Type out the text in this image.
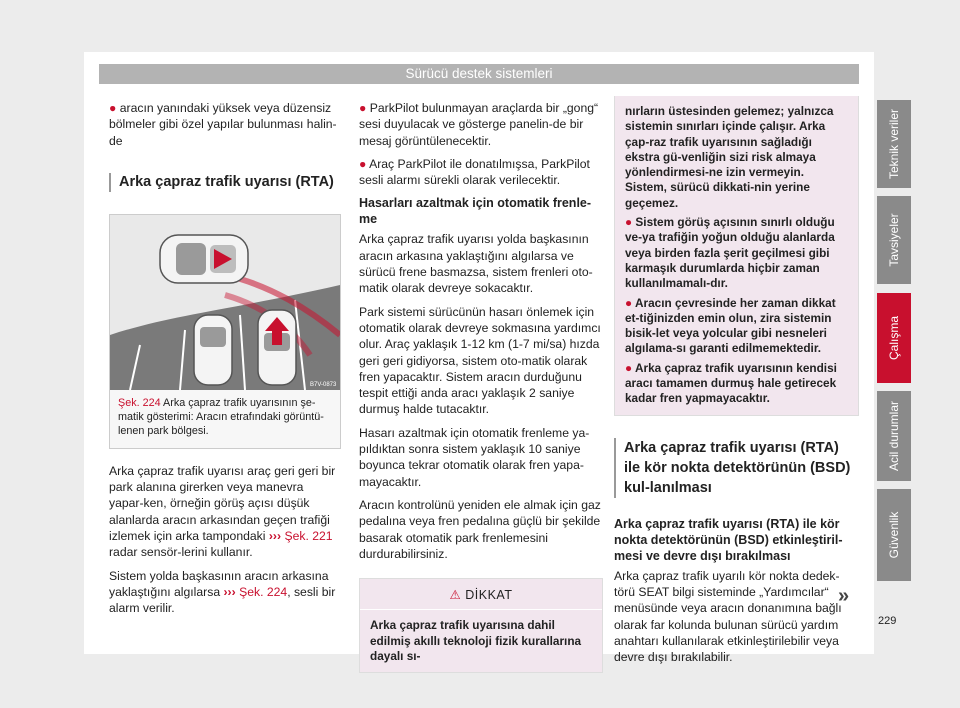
Sürücü destek sistemleri

● aracın yanındaki yüksek veya düzensiz bölmeler gibi özel yapılar bulunması halin-de

Arka çapraz trafik uyarısı (RTA)
B7V-0873
Şek. 224 Arka çapraz trafik uyarısının şe-matik gösterimi: Aracın etrafındaki görüntü-lenen park bölgesi.

Arka çapraz trafik uyarısı araç geri geri bir park alanına girerken veya manevra yapar-ken, örneğin görüş açısı düşük alanlarda aracın arkasından geçen trafiği izlemek için arka tampondaki ››› Şek. 221 radar sensör-lerini kullanır.

Sistem yolda başkasının aracın arkasına yaklaştığını algılarsa ››› Şek. 224, sesli bir alarm verilir.

● ParkPilot bulunmayan araçlarda bir „gong“ sesi duyulacak ve gösterge panelin-de bir mesaj görüntülenecektir.

● Araç ParkPilot ile donatılmışsa, ParkPilot sesli alarmı sürekli olarak verilecektir.

Hasarları azaltmak için otomatik frenle-me

Arka çapraz trafik uyarısı yolda başkasının aracın arkasına yaklaştığını algılarsa ve sürücü frene basmazsa, sistem frenleri oto-matik olarak devreye sokacaktır.

Park sistemi sürücünün hasarı önlemek için otomatik olarak devreye sokmasına yardımcı olur. Araç yaklaşık 1-12 km (1-7 mi/sa) hızda geri geri gidiyorsa, sistem oto-matik olarak fren yapacaktır. Sistem aracın durduğunu tespit ettiği anda aracı yaklaşık 2 saniye durmuş halde tutacaktır.

Hasarı azaltmak için otomatik frenleme ya-pıldıktan sonra sistem yaklaşık 10 saniye boyunca tekrar otomatik olarak fren yapa-mayacaktır.

Aracın kontrolünü yeniden ele almak için gaz pedalına veya fren pedalına güçlü bir şekilde basarak otomatik park frenlemesini durdurabilirsiniz.

⚠ DİKKAT
Arka çapraz trafik uyarısına dahil edilmiş akıllı teknoloji fizik kurallarına dayalı sı-

nırların üstesinden gelemez; yalnızca sistemin sınırları içinde çalışır. Arka çap-raz trafik uyarısının sağladığı ekstra gü-venliğin sizi risk almaya yönlendirmesi-ne izin vermeyin. Sistem, sürücü dikkati-nin yerine geçemez.

● Sistem görüş açısının sınırlı olduğu ve-ya trafiğin yoğun olduğu alanlarda veya birden fazla şerit geçilmesi gibi karmaşık durumlarda hiçbir zaman kullanılmamalı-dır.

● Aracın çevresinde her zaman dikkat et-tiğinizden emin olun, zira sistemin bisik-let veya yolcular gibi nesneleri algılama-sı garanti edilmemektedir.

● Arka çapraz trafik uyarısının kendisi aracı tamamen durmuş hale getirecek kadar fren yapmayacaktır.

Arka çapraz trafik uyarısı (RTA) ile kör nokta detektörünün (BSD) kul-lanılması
Arka çapraz trafik uyarısı (RTA) ile kör nokta detektörünün (BSD) etkinleştiril-mesi ve devre dışı bırakılması

Arka çapraz trafik uyarılı kör nokta dedek-törü SEAT bilgi sisteminde „Yardımcılar“ menüsünde veya aracın donanımına bağlı olarak far kolunda bulunan sürücü yardım anahtarı kullanılarak etkinleştirilebilir veya devre dışı bırakılabilir.

Teknik veriler
Tavsiyeler
Çalışma
Acil durumlar
Güvenlik
»
229
